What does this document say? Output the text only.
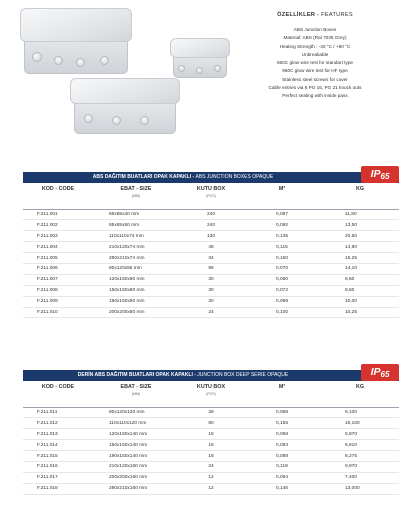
ÖZELLİKLER - FEATURES
ABS Junction Boxes
Material: ABS (Ral 7035 Grey)
Heating Strength : -40 °C / +80 °C
Unbreakable
650C glow wire test for standart type
960C glow wire test for HF type
Stainless steel screws for cover
Cable entries via 6 PG 16, PG 21 knock outs
Perfect sealing with inside pass
ABS DAĞITIM BUATLARI OPAK KAPAKLI - ABS JUNCTION BOXES OPAQUE	$IP_{65}$
KOD - CODE	EBAT - SIZE
(MM)	KUTU BOX
(PCS)	M³	KG
F.211.001	85x85x40 mm	240	0,087	11,80
F.211.002	85x85x50 mm	240	0,092	13,50
F.211.003	110x110x74 mm	130	0,135	20,60
F.211.004	210x120x74 mm	48	0,115	14,80
F.211.005	280x210x74 mm	34	0,150	15,25
F.211.006	80x120x55 mm	96	0,070	14,10
F.211.007	120x150x80 mm	30	0,060	8,60
F.211.008	150x150x80 mm	30	0,072	8,60
F.211.009	190x150x80 mm	30	0,089	10,00
F.211.010	200x200x80 mm	24	0,100	10,25
DERİN ABS DAĞITIM BUATLARI OPAK KAPAKLI - JUNCTION BOX DEEP SERIE OPAQUE	$IP_{65}$
KOD - CODE	EBAT - SIZE
(MM)	KUTU BOX
(PCS)	M³	KG
F.211.011	80x120x120 mm	39	0,058	8,100
F.211.012	110x110x120 mm	80	0,155	16,100
F.211.013	120x150x140 mm	18	0,058	5,870
F.211.014	150x150x140 mm	18	0,093	6,810
F.211.015	190x150x140 mm	18	0,088	8,275
F.211.016	210x120x160 mm	24	0,119	9,970
F.211.017	200x200x160 mm	12	0,094	7,400
F.211.018	280x210x160 mm	12	0,146	13,000
